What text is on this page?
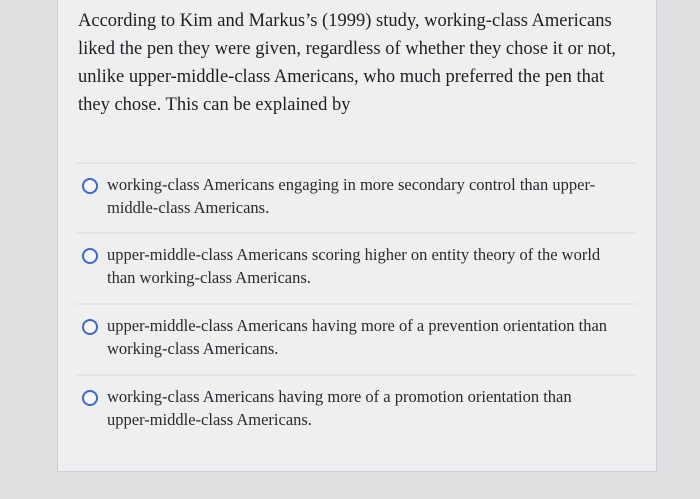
According to Kim and Markus’s (1999) study, working-class Americans
liked the pen they were given, regardless of whether they chose it or not,
unlike upper-middle-class Americans, who much preferred the pen that
they chose. This can be explained by
working-class Americans engaging in more secondary control than upper-
middle-class Americans.
upper-middle-class Americans scoring higher on entity theory of the world
than working-class Americans.
upper-middle-class Americans having more of a prevention orientation than
working-class Americans.
working-class Americans having more of a promotion orientation than
upper-middle-class Americans.
